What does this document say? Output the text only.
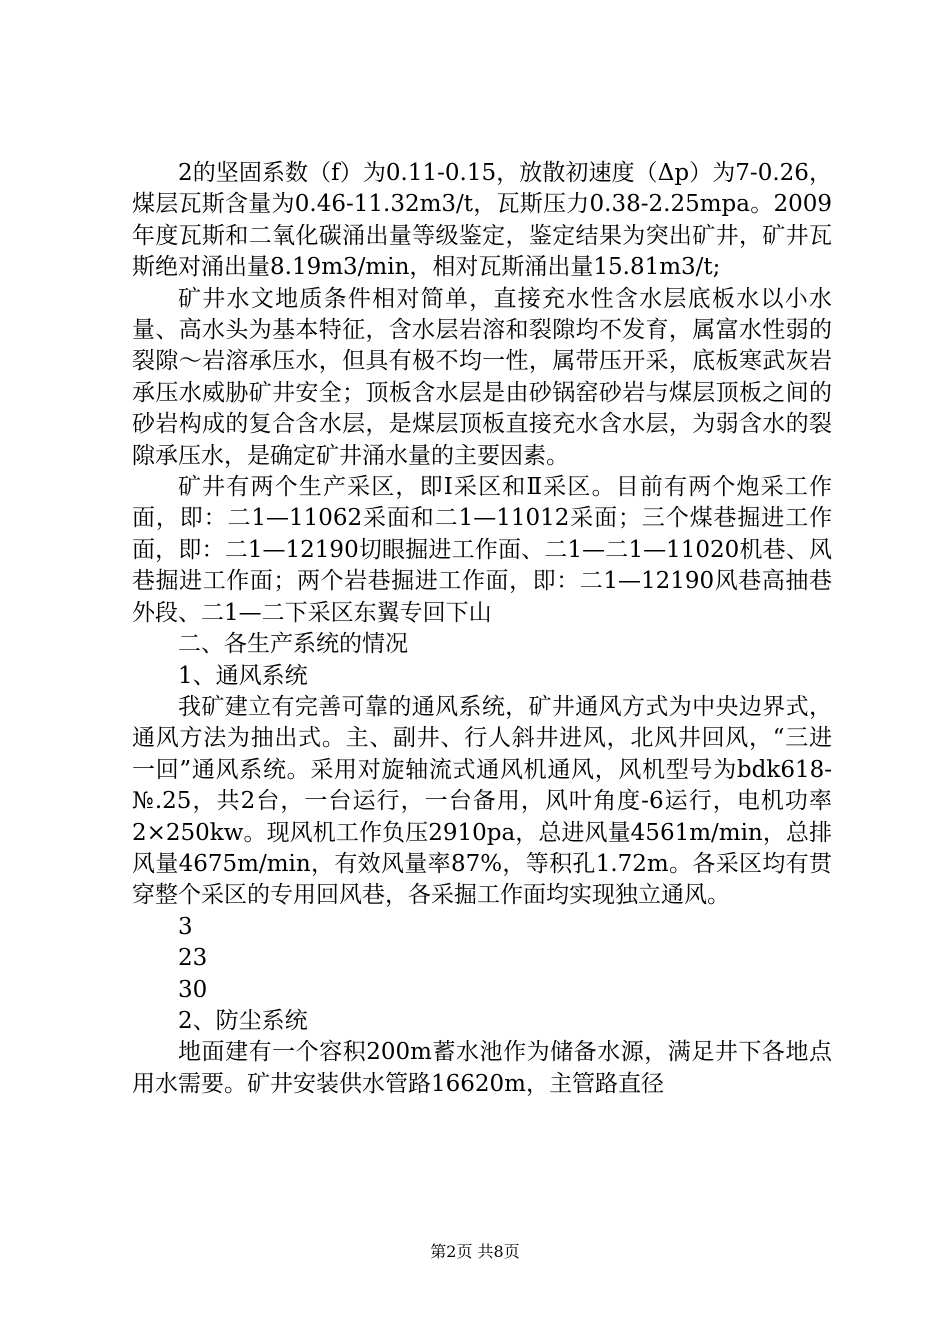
2的坚固系数（f）为0.11-0.15，放散初速度（Δp）为7-0.26，煤层瓦斯含量为0.46-11.32m3/t，瓦斯压力0.38-2.25mpa。2009年度瓦斯和二氧化碳涌出量等级鉴定，鉴定结果为突出矿井，矿井瓦斯绝对涌出量8.19m3/min，相对瓦斯涌出量15.81m3/t;

矿井水文地质条件相对简单，直接充水性含水层底板水以小水量、高水头为基本特征，含水层岩溶和裂隙均不发育，属富水性弱的裂隙～岩溶承压水，但具有极不均一性，属带压开采，底板寒武灰岩承压水威胁矿井安全；顶板含水层是由砂锅窑砂岩与煤层顶板之间的砂岩构成的复合含水层，是煤层顶板直接充水含水层，为弱含水的裂隙承压水，是确定矿井涌水量的主要因素。

矿井有两个生产采区，即Ⅰ采区和Ⅱ采区。目前有两个炮采工作面，即：二1—11062采面和二1—11012采面；三个煤巷掘进工作面，即：二1—12190切眼掘进工作面、二1—二1—11020机巷、风巷掘进工作面；两个岩巷掘进工作面，即：二1—12190风巷高抽巷外段、二1—二下采区东翼专回下山

二、各生产系统的情况

1、通风系统

我矿建立有完善可靠的通风系统，矿井通风方式为中央边界式，通风方法为抽出式。主、副井、行人斜井进风，北风井回风，“三进一回”通风系统。采用对旋轴流式通风机通风，风机型号为bdk618-№.25，共2台，一台运行，一台备用，风叶角度-6运行，电机功率2×250kw。现风机工作负压2910pa，总进风量4561m/min，总排风量4675m/min，有效风量率87%，等积孔1.72m。各采区均有贯穿整个采区的专用回风巷，各采掘工作面均实现独立通风。

3

23

30

2、防尘系统

地面建有一个容积200m蓄水池作为储备水源，满足井下各地点用水需要。矿井安装供水管路16620m，主管路直径

第2页 共8页
